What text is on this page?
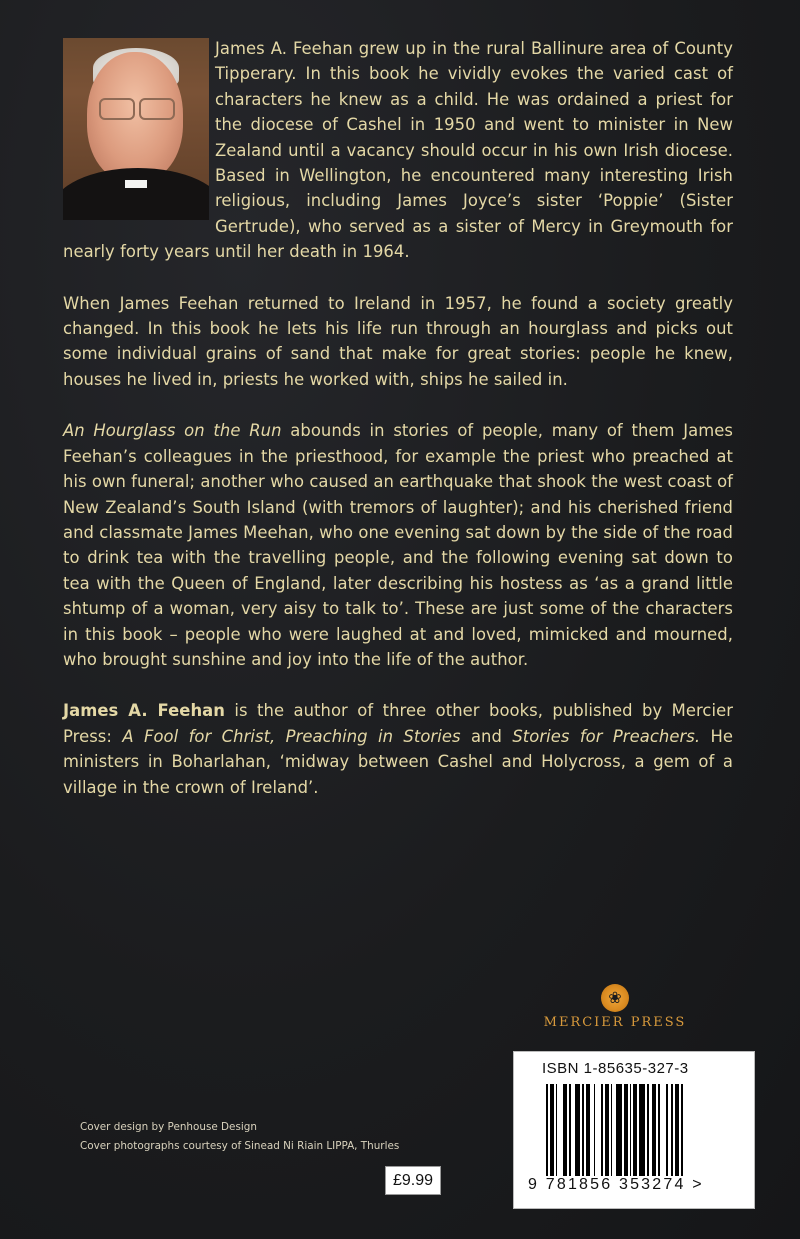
James A. Feehan grew up in the rural Ballinure area of County Tipperary. In this book he vividly evokes the varied cast of characters he knew as a child. He was ordained a priest for the diocese of Cashel in 1950 and went to minister in New Zealand until a vacancy should occur in his own Irish diocese. Based in Wellington, he encountered many interesting Irish religious, including James Joyce’s sister ‘Poppie’ (Sister Gertrude), who served as a sister of Mercy in Greymouth for nearly forty years until her death in 1964.

When James Feehan returned to Ireland in 1957, he found a society greatly changed. In this book he lets his life run through an hourglass and picks out some individual grains of sand that make for great stories: people he knew, houses he lived in, priests he worked with, ships he sailed in.

An Hourglass on the Run abounds in stories of people, many of them James Feehan’s colleagues in the priesthood, for example the priest who preached at his own funeral; another who caused an earthquake that shook the west coast of New Zealand’s South Island (with tremors of laughter); and his cherished friend and classmate James Meehan, who one evening sat down by the side of the road to drink tea with the travelling people, and the following evening sat down to tea with the Queen of England, later describing his hostess as ‘as a grand little shtump of a woman, very aisy to talk to’. These are just some of the characters in this book – people who were laughed at and loved, mimicked and mourned, who brought sunshine and joy into the life of the author.

James A. Feehan is the author of three other books, published by Mercier Press: A Fool for Christ, Preaching in Stories and Stories for Preachers. He ministers in Boharlahan, ‘midway between Cashel and Holycross, a gem of a village in the crown of Ireland’.

❀
MERCIER PRESS
ISBN 1-85635-327-3
9 781856 353274 >
Cover design by Penhouse Design
Cover photographs courtesy of Sinead Ni Riain LIPPA, Thurles
£9.99
